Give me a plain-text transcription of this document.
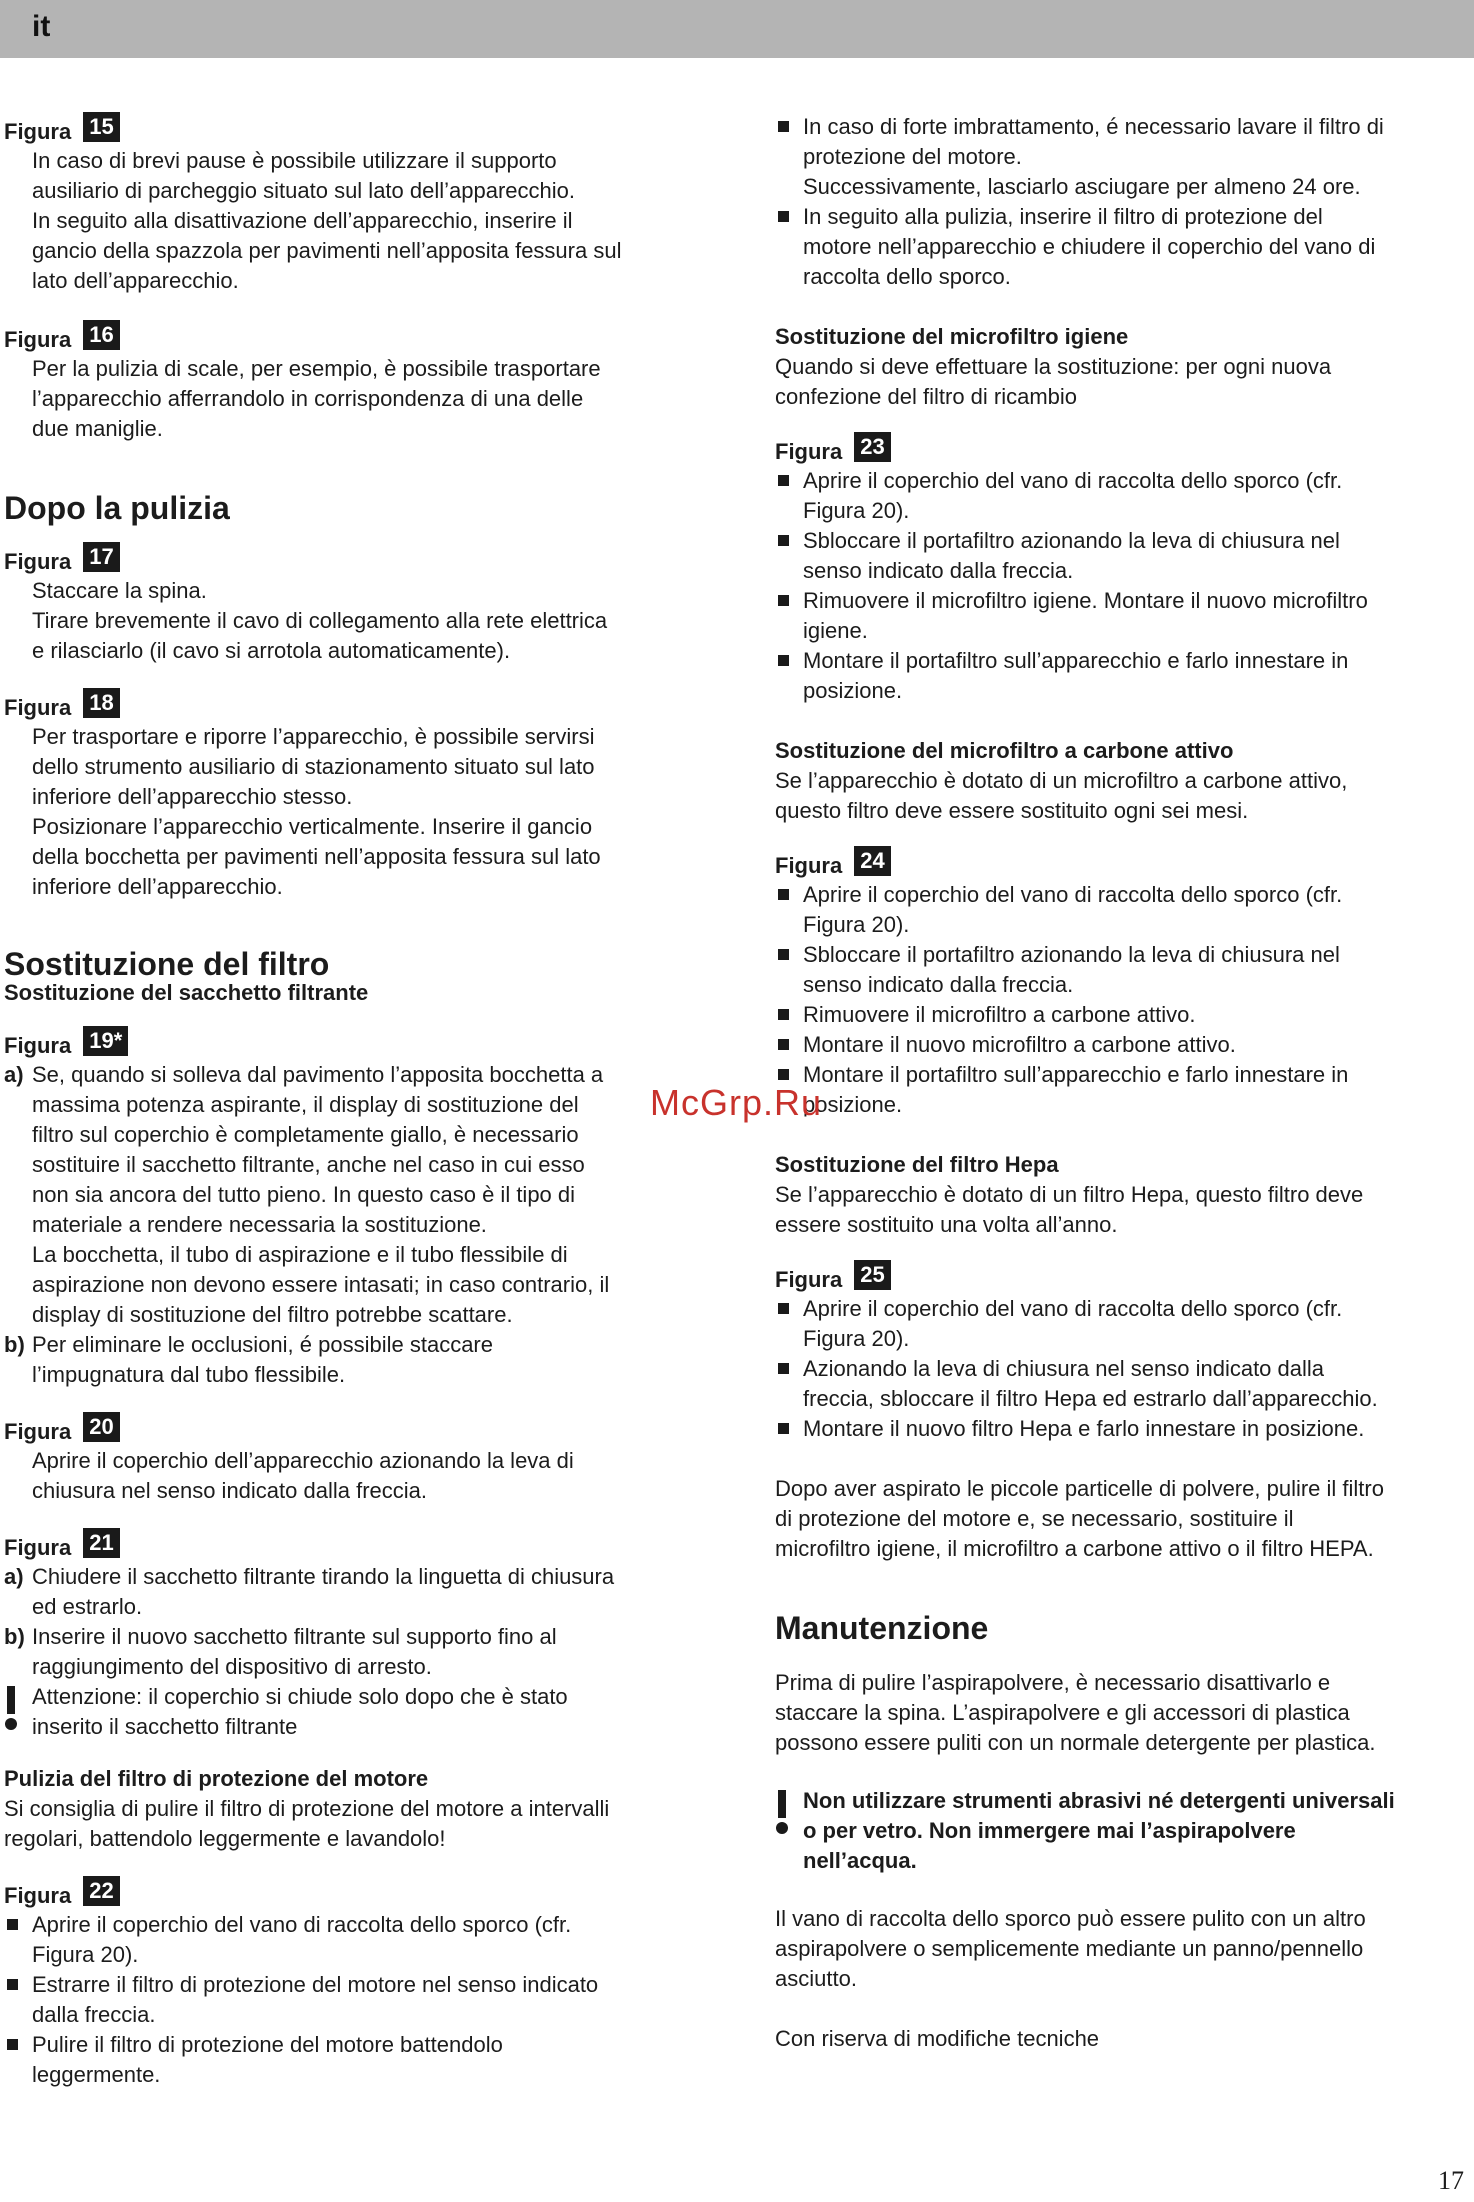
it
Figura 15
In caso di brevi pause è possibile utilizzare il supporto
ausiliario di parcheggio situato sul lato dell’apparecchio.
In seguito alla disattivazione dell’apparecchio, inserire il
gancio della spazzola per pavimenti nell’apposita fessura sul
lato dell’apparecchio.
Figura 16
Per la pulizia di scale, per esempio, è possibile trasportare
l’apparecchio afferrandolo in corrispondenza di una delle
due maniglie.
Dopo la pulizia
Figura 17
Staccare la spina.
Tirare brevemente il cavo di collegamento alla rete elettrica
e rilasciarlo (il cavo si arrotola automaticamente).
Figura 18
Per trasportare e riporre l’apparecchio, è possibile servirsi
dello strumento ausiliario di stazionamento situato sul lato
inferiore dell’apparecchio stesso.
Posizionare l’apparecchio verticalmente. Inserire il gancio
della bocchetta per pavimenti nell’apposita fessura sul lato
inferiore dell’apparecchio.
Sostituzione del filtro
Sostituzione del sacchetto filtrante
Figura 19*
a) Se, quando si solleva dal pavimento l’apposita bocchetta a
massima potenza aspirante, il display di sostituzione del
filtro sul coperchio è completamente giallo, è necessario
sostituire il sacchetto filtrante, anche nel caso in cui esso
non sia ancora del tutto pieno. In questo caso è il tipo di
materiale a rendere necessaria la sostituzione.
La bocchetta, il tubo di aspirazione e il tubo flessibile di
aspirazione non devono essere intasati; in caso contrario, il
display di sostituzione del filtro potrebbe scattare.
b) Per eliminare le occlusioni, é possibile staccare
l’impugnatura dal tubo flessibile.
Figura 20
Aprire il coperchio dell’apparecchio azionando la leva di
chiusura nel senso indicato dalla freccia.
Figura 21
a) Chiudere il sacchetto filtrante tirando la linguetta di chiusura
ed estrarlo.
b) Inserire il nuovo sacchetto filtrante sul supporto fino al
raggiungimento del dispositivo di arresto.
Attenzione: il coperchio si chiude solo dopo che è stato
inserito il sacchetto filtrante
Pulizia del filtro di protezione del motore
Si consiglia di pulire il filtro di protezione del motore a intervalli
regolari, battendolo leggermente e lavandolo!
Figura 22
Aprire il coperchio del vano di raccolta dello sporco (cfr.
Figura 20).
Estrarre il filtro di protezione del motore nel senso indicato
dalla freccia.
Pulire il filtro di protezione del motore battendolo
leggermente.
In caso di forte imbrattamento, é necessario lavare il filtro di
protezione del motore.
Successivamente, lasciarlo asciugare per almeno 24 ore.
In seguito alla pulizia, inserire il filtro di protezione del
motore nell’apparecchio e chiudere il coperchio del vano di
raccolta dello sporco.
Sostituzione del microfiltro igiene
Quando si deve effettuare la sostituzione: per ogni nuova
confezione del filtro di ricambio
Figura 23
Aprire il coperchio del vano di raccolta dello sporco (cfr.
Figura 20).
Sbloccare il portafiltro azionando la leva di chiusura nel
senso indicato dalla freccia.
Rimuovere il microfiltro igiene. Montare il nuovo microfiltro
igiene.
Montare il portafiltro sull’apparecchio e farlo innestare in
posizione.
Sostituzione del microfiltro a carbone attivo
Se l’apparecchio è dotato di un microfiltro a carbone attivo,
questo filtro deve essere sostituito ogni sei mesi.
Figura 24
Aprire il coperchio del vano di raccolta dello sporco (cfr.
Figura 20).
Sbloccare il portafiltro azionando la leva di chiusura nel
senso indicato dalla freccia.
Rimuovere il microfiltro a carbone attivo.
Montare il nuovo microfiltro a carbone attivo.
Montare il portafiltro sull’apparecchio e farlo innestare in
posizione.
Sostituzione del filtro Hepa
Se l’apparecchio è dotato di un filtro Hepa, questo filtro deve
essere sostituito una volta all’anno.
Figura 25
Aprire il coperchio del vano di raccolta dello sporco (cfr.
Figura 20).
Azionando la leva di chiusura nel senso indicato dalla
freccia, sbloccare il filtro Hepa ed estrarlo dall’apparecchio.
Montare il nuovo filtro Hepa e farlo innestare in posizione.
Dopo aver aspirato le piccole particelle di polvere, pulire il filtro
di protezione del motore e, se necessario, sostituire il
microfiltro igiene, il microfiltro a carbone attivo o il filtro HEPA.
Manutenzione
Prima di pulire l’aspirapolvere, è necessario disattivarlo e
staccare la spina. L’aspirapolvere e gli accessori di plastica
possono essere puliti con un normale detergente per plastica.
Non utilizzare strumenti abrasivi né detergenti universali
o per vetro. Non immergere mai l’aspirapolvere
nell’acqua.
Il vano di raccolta dello sporco può essere pulito con un altro
aspirapolvere o semplicemente mediante un panno/pennello
asciutto.
Con riserva di modifiche tecniche
McGrp.Ru
17
